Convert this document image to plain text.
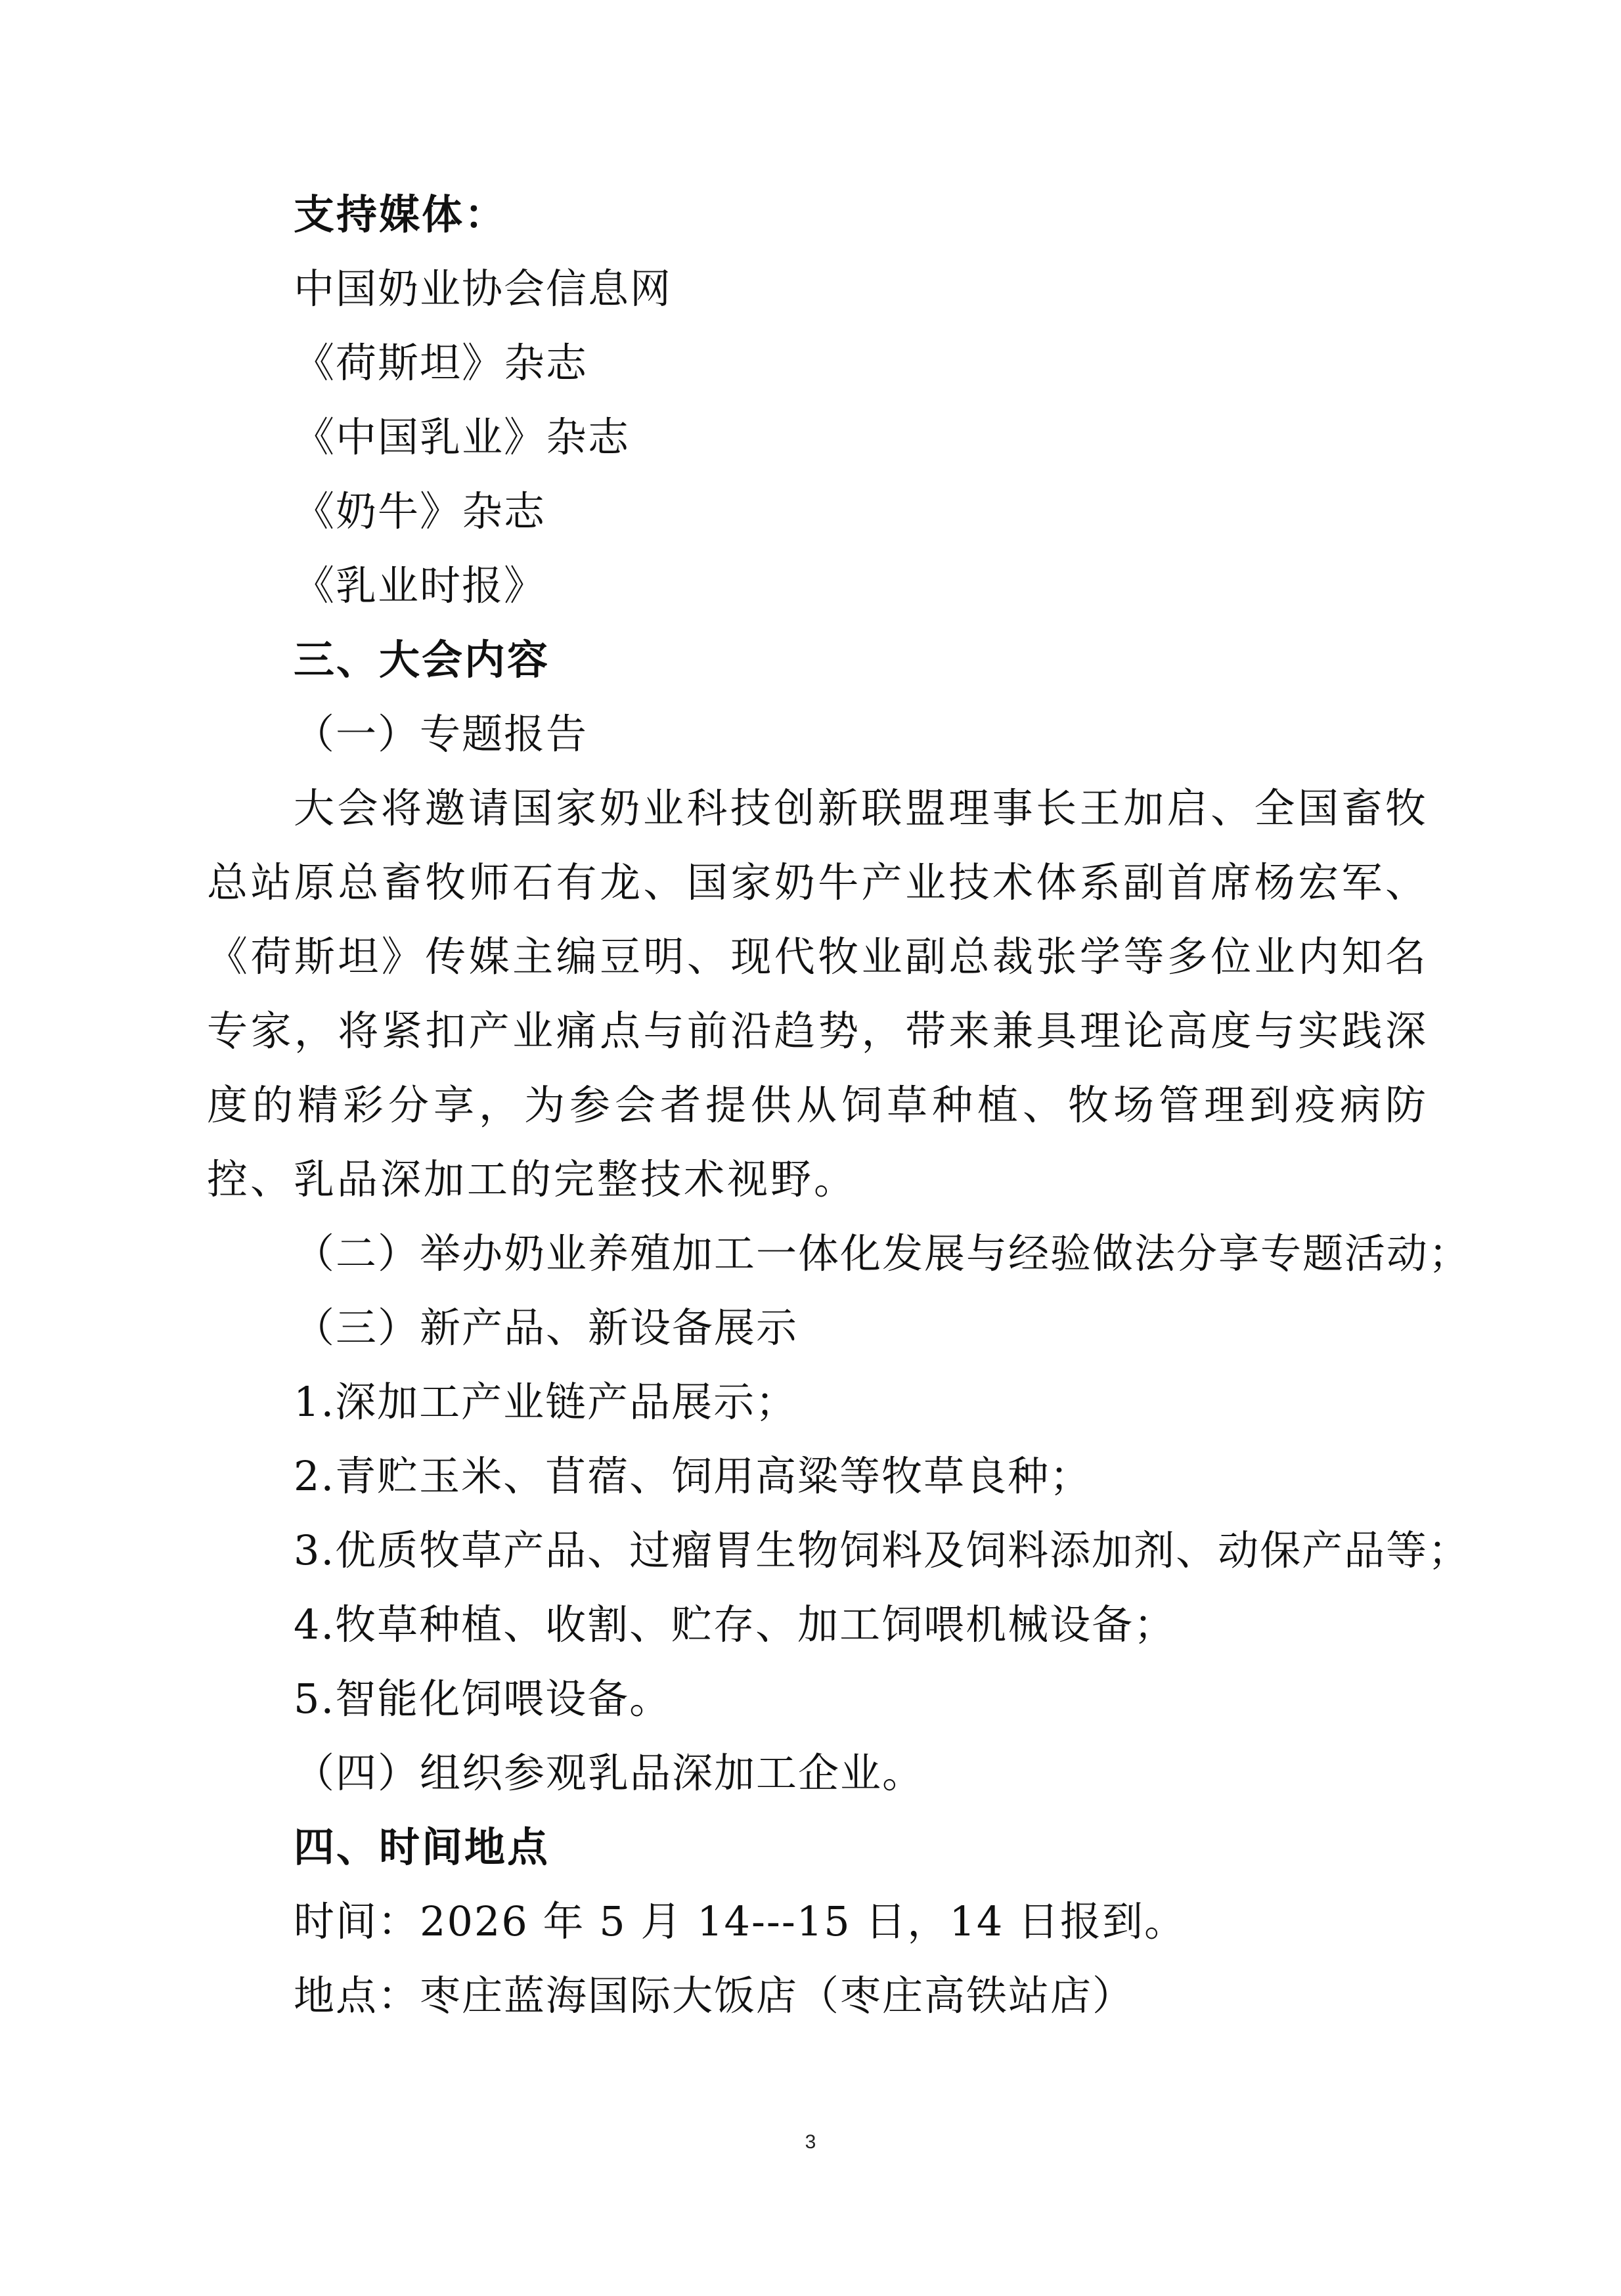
支持媒体：
中国奶业协会信息网
《荷斯坦》杂志
《中国乳业》杂志
《奶牛》杂志
《乳业时报》
三、大会内容
（一）专题报告
大会将邀请国家奶业科技创新联盟理事长王加启、全国畜牧总站原总畜牧师石有龙、国家奶牛产业技术体系副首席杨宏军、《荷斯坦》传媒主编豆明、现代牧业副总裁张学等多位业内知名专家，将紧扣产业痛点与前沿趋势，带来兼具理论高度与实践深度的精彩分享，为参会者提供从饲草种植、牧场管理到疫病防控、乳品深加工的完整技术视野。
（二）举办奶业养殖加工一体化发展与经验做法分享专题活动；
（三）新产品、新设备展示
1.深加工产业链产品展示；
2.青贮玉米、苜蓿、饲用高粱等牧草良种；
3.优质牧草产品、过瘤胃生物饲料及饲料添加剂、动保产品等；
4.牧草种植、收割、贮存、加工饲喂机械设备；
5.智能化饲喂设备。
（四）组织参观乳品深加工企业。
四、时间地点
时间：2026 年 5 月 14---15 日，14 日报到。
地点：枣庄蓝海国际大饭店（枣庄高铁站店）
3
